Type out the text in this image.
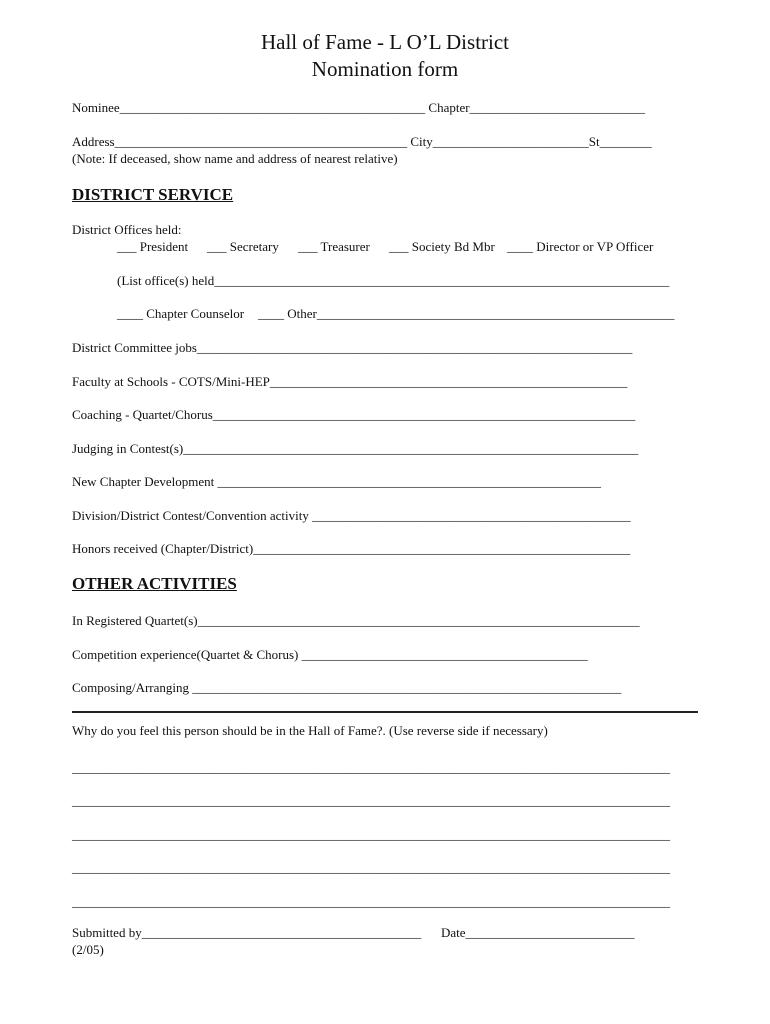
Hall of Fame - L O’L District
Nomination form
Nominee_______________________________________________ Chapter___________________________
Address_____________________________________________ City________________________St________
(Note: If deceased, show name and address of nearest relative)
DISTRICT SERVICE
District Offices held:
___ President ___ Secretary ___ Treasurer ___ Society Bd Mbr ____ Director or VP Officer
(List office(s) held______________________________________________________________________
____ Chapter Counselor ____ Other_______________________________________________________
District Committee jobs___________________________________________________________________
Faculty at Schools - COTS/Mini-HEP_______________________________________________________
Coaching - Quartet/Chorus_________________________________________________________________
Judging in Contest(s)______________________________________________________________________
New Chapter Development ___________________________________________________________
Division/District Contest/Convention activity _________________________________________________
Honors received (Chapter/District)__________________________________________________________
OTHER ACTIVITIES
In Registered Quartet(s)____________________________________________________________________
Competition experience(Quartet & Chorus) ____________________________________________
Composing/Arranging __________________________________________________________________
Why do you feel this person should be in the Hall of Fame?. (Use reverse side if necessary)
____________________________________________________________________________________________
____________________________________________________________________________________________
____________________________________________________________________________________________
____________________________________________________________________________________________
____________________________________________________________________________________________
Submitted by___________________________________________ Date__________________________
(2/05)
